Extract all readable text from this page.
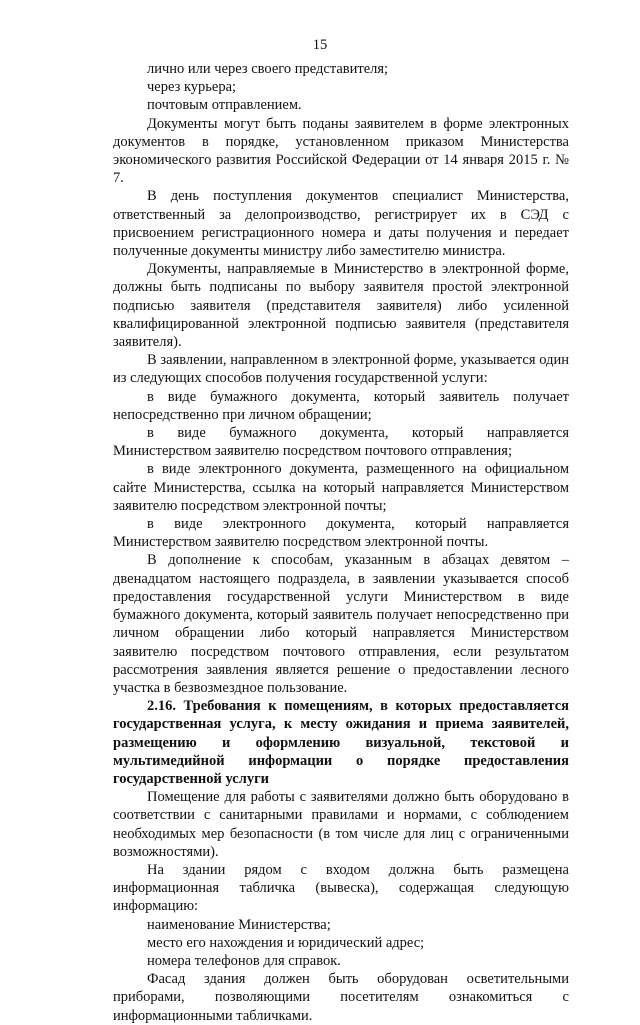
15

лично или через своего представителя;

через курьера;

почтовым отправлением.

Документы могут быть поданы заявителем в форме электронных документов в порядке, установленном приказом Министерства экономического развития Российской Федерации от 14 января 2015 г. № 7.

В день поступления документов специалист Министерства, ответственный за делопроизводство, регистрирует их в СЭД с присвоением регистрационного номера и даты получения и передает полученные документы министру либо заместителю министра.

Документы, направляемые в Министерство в электронной форме, должны быть подписаны по выбору заявителя простой электронной подписью заявителя (представителя заявителя) либо усиленной квалифицированной электронной подписью заявителя (представителя заявителя).

В заявлении, направленном в электронной форме, указывается один из следующих способов получения государственной услуги:

в виде бумажного документа, который заявитель получает непосредственно при личном обращении;

в виде бумажного документа, который направляется Министерством заявителю посредством почтового отправления;

в виде электронного документа, размещенного на официальном сайте Министерства, ссылка на который направляется Министерством заявителю посредством электронной почты;

в виде электронного документа, который направляется Министерством заявителю посредством электронной почты.

В дополнение к способам, указанным в абзацах девятом – двенадцатом настоящего подраздела, в заявлении указывается способ предоставления государственной услуги Министерством в виде бумажного документа, который заявитель получает непосредственно при личном обращении либо который направляется Министерством заявителю посредством почтового отправления, если результатом рассмотрения заявления является решение о предоставлении лесного участка в безвозмездное пользование.

2.16. Требования к помещениям, в которых предоставляется государственная услуга, к месту ожидания и приема заявителей, размещению и оформлению визуальной, текстовой и мультимедийной информации о порядке предоставления государственной услуги

Помещение для работы с заявителями должно быть оборудовано в соответствии с санитарными правилами и нормами, с соблюдением необходимых мер безопасности (в том числе для лиц с ограниченными возможностями).

На здании рядом с входом должна быть размещена информационная табличка (вывеска), содержащая следующую информацию:

наименование Министерства;

место его нахождения и юридический адрес;

номера телефонов для справок.

Фасад здания должен быть оборудован осветительными приборами, позволяющими посетителям ознакомиться с информационными табличками.
